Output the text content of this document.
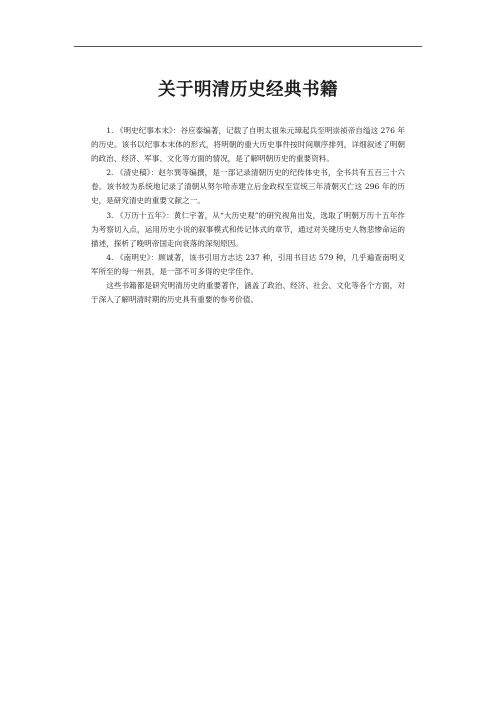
关于明清历史经典书籍

1. 《明史纪事本末》：谷应泰编著，记载了自明太祖朱元璋起兵至明崇祯帝自缢这 276 年的历史。该书以纪事本末体的形式，将明朝的重大历史事件按时间顺序排列，详细叙述了明朝的政治、经济、军事、文化等方面的情况，是了解明朝历史的重要资料。

2. 《清史稿》：赵尔巽等编撰，是一部记录清朝历史的纪传体史书，全书共有五百三十六卷。该书较为系统地记录了清朝从努尔哈赤建立后金政权至宣统三年清朝灭亡这 296 年的历史，是研究清史的重要文献之一。

3. 《万历十五年》：黄仁宇著，从“大历史观”的研究视角出发，选取了明朝万历十五年作为考察切入点，运用历史小说的叙事模式和传记体式的章节，通过对关键历史人物悲惨命运的描述，探析了晚明帝国走向衰落的深刻原因。

4. 《南明史》：顾诚著，该书引用方志达 237 种，引用书目达 579 种，几乎遍查南明义军所至的每一州县，是一部不可多得的史学佳作。

这些书籍都是研究明清历史的重要著作，涵盖了政治、经济、社会、文化等各个方面，对于深入了解明清时期的历史具有重要的参考价值。
